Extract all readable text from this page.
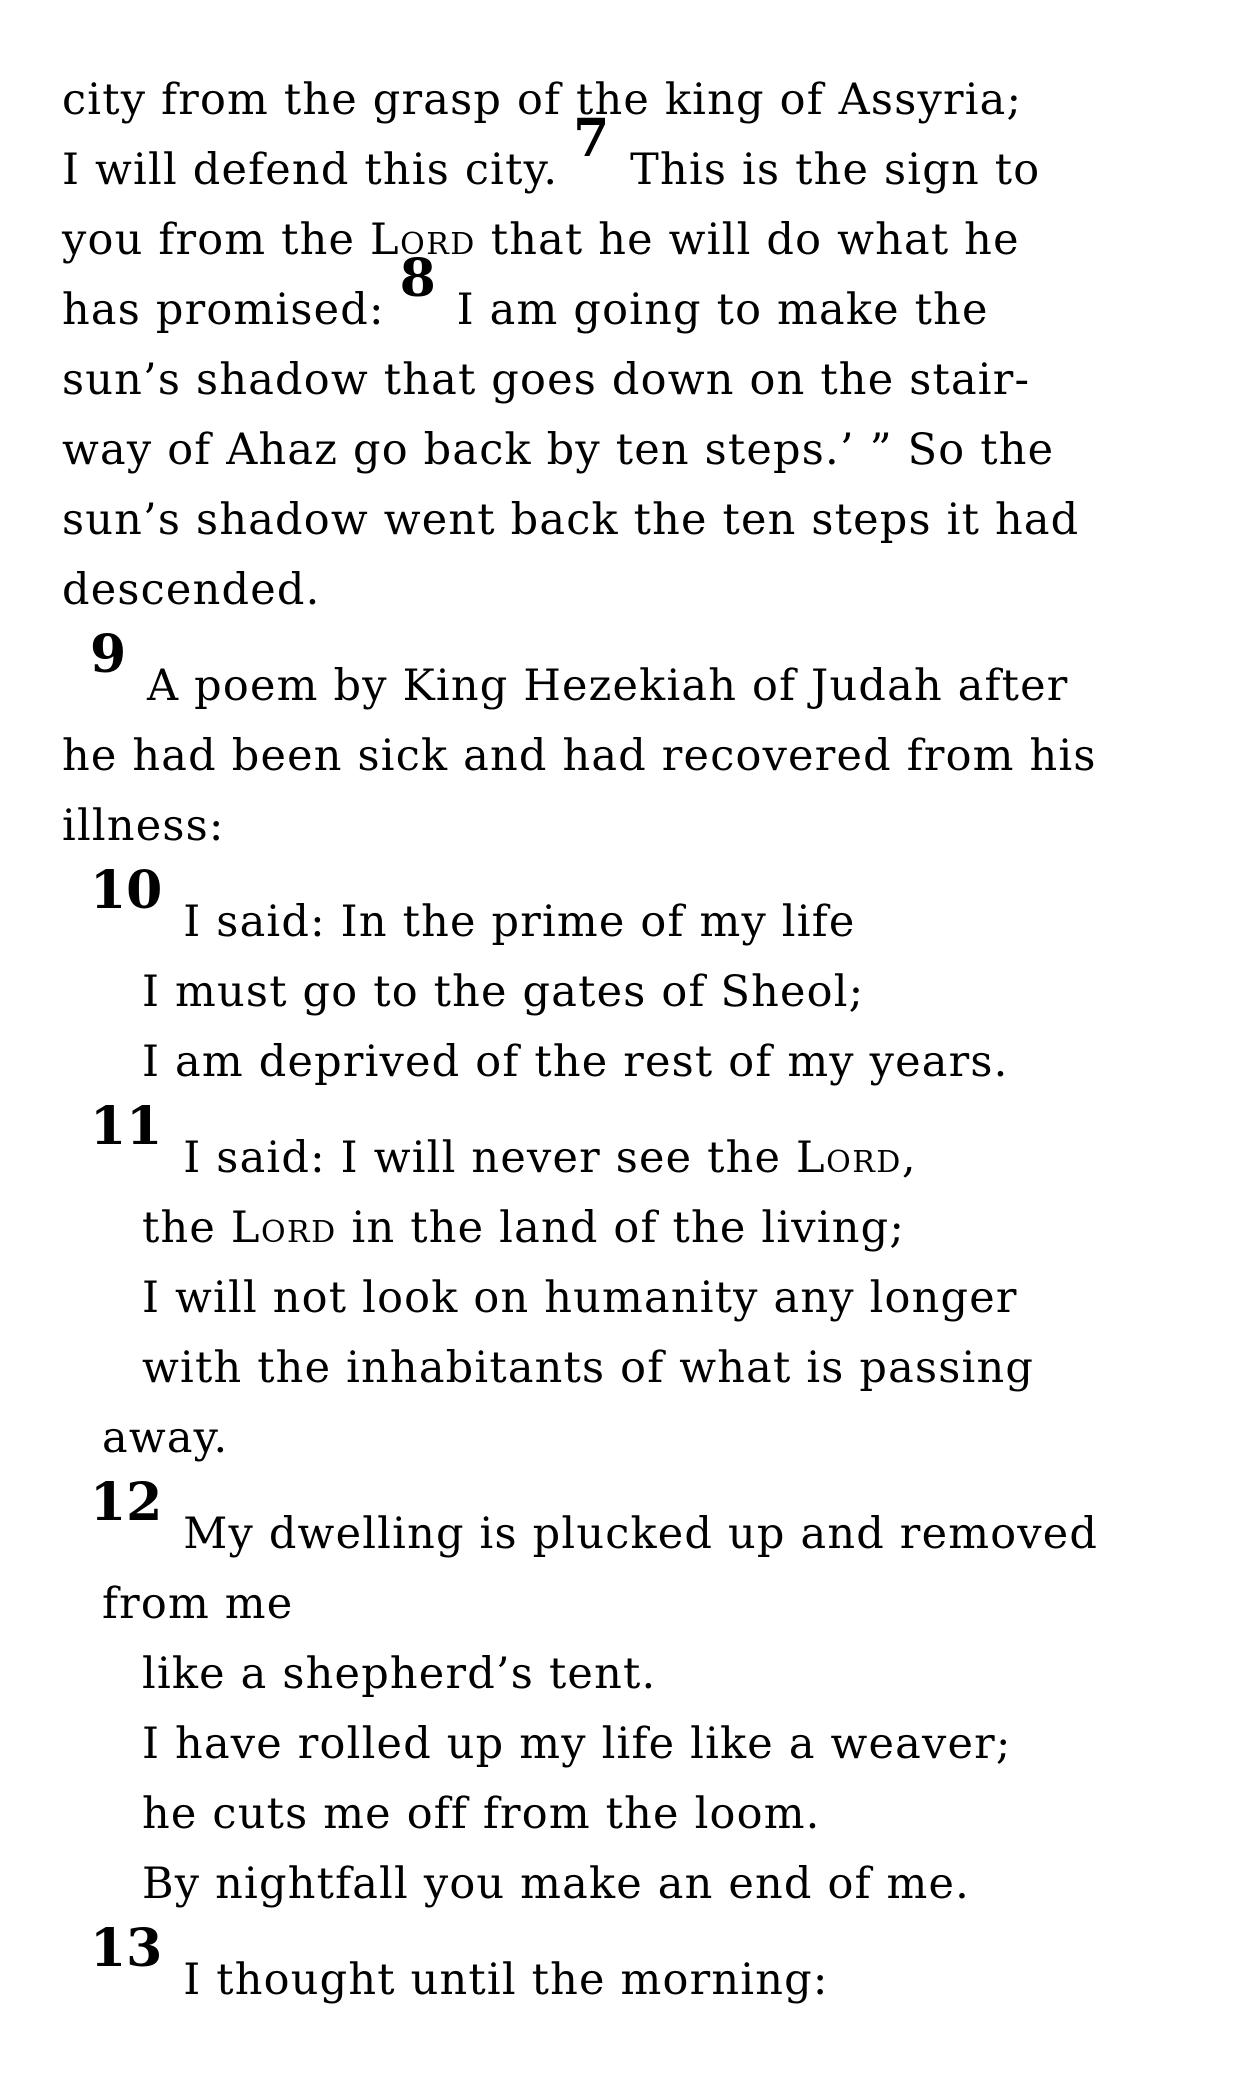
city from the grasp of the king of Assyria;
I will defend this city. 7 This is the sign to
you from the Lord that he will do what he
has promised: 8 I am going to make the
sun’s shadow that goes down on the stair-
way of Ahaz go back by ten steps.’ ” So the
sun’s shadow went back the ten steps it had
descended.
9 A poem by King Hezekiah of Judah after
he had been sick and had recovered from his
illness:
10 I said: In the prime of my life
I must go to the gates of Sheol;
I am deprived of the rest of my years.
11 I said: I will never see the Lord,
the Lord in the land of the living;
I will not look on humanity any longer
with the inhabitants of what is passing
away.
12 My dwelling is plucked up and removed
from me
like a shepherd’s tent.
I have rolled up my life like a weaver;
he cuts me off from the loom.
By nightfall you make an end of me.
13 I thought until the morning:
